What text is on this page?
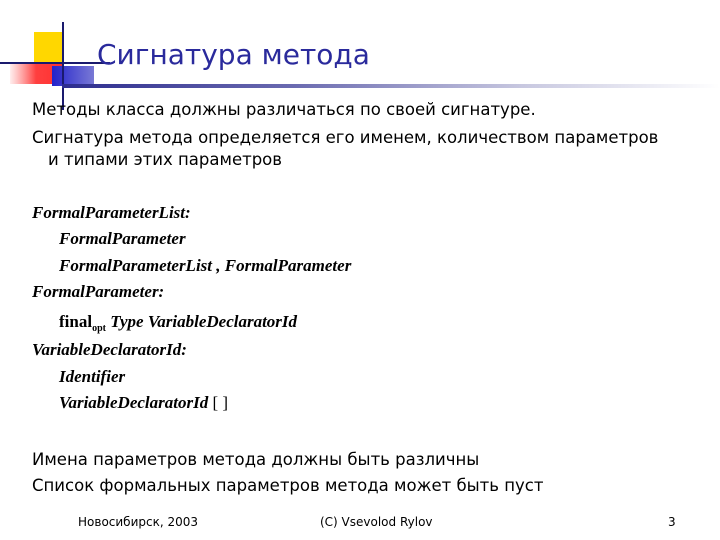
Сигнатура метода
Методы класса должны различаться по своей сигнатуре.
Сигнатура метода определяется его именем, количеством параметров
и типами этих параметров
FormalParameterList:
FormalParameter
FormalParameterList , FormalParameter
FormalParameter:
final$_{opt}$ Type VariableDeclaratorId
VariableDeclaratorId:
Identifier
VariableDeclaratorId [ ]
Имена параметров метода должны быть различны
Список формальных параметров метода может быть пуст
Новосибирск, 2003	(C) Vsevolod Rylov	3
